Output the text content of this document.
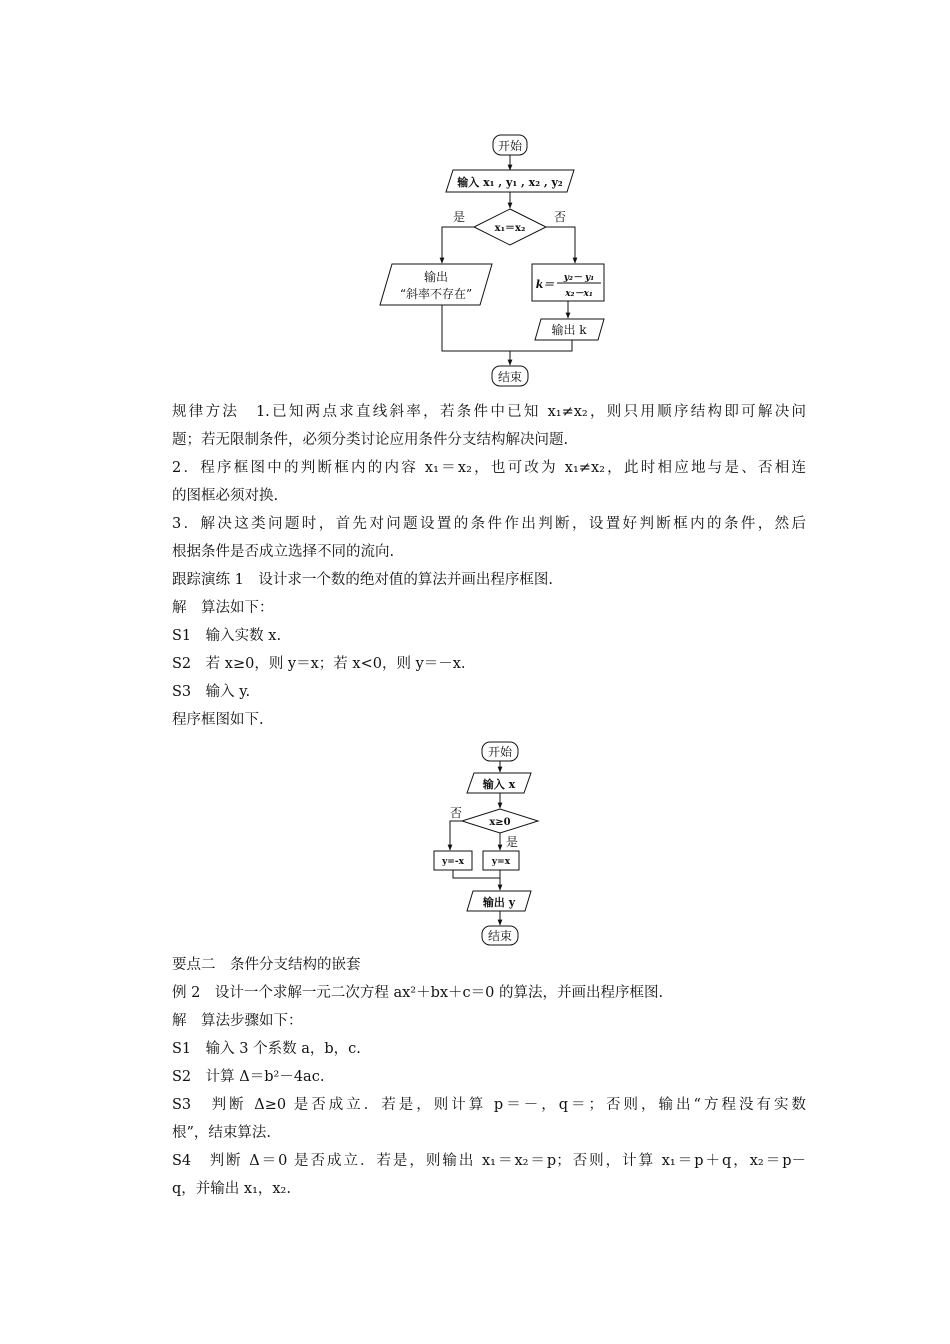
开始
输入 x₁ , y₁ , x₂ , y₂
x₁＝x₂
是	否
输出
“斜率不存在”
k＝ y₂－ y₁
x₂－x₁
输出 k
结束
规律方法　1.已知两点求直线斜率，若条件中已知 x₁≠x₂，则只用顺序结构即可解决问
题；若无限制条件，必须分类讨论应用条件分支结构解决问题.
2．程序框图中的判断框内的内容 x₁＝x₂，也可改为 x₁≠x₂，此时相应地与是、否相连
的图框必须对换.
3．解决这类问题时，首先对问题设置的条件作出判断，设置好判断框内的条件，然后
根据条件是否成立选择不同的流向.
跟踪演练 1　设计求一个数的绝对值的算法并画出程序框图.
解　算法如下：
S1　输入实数 x.
S2　若 x≥0，则 y＝x；若 x<0，则 y＝－x.
S3　输入 y.
程序框图如下.
开始
输入 x
x≥0
否
是
y=-x	y=x
输出 y
结束
要点二　条件分支结构的嵌套
例 2　设计一个求解一元二次方程 ax²＋bx＋c＝0 的算法，并画出程序框图.
解　算法步骤如下：
S1　输入 3 个系数 a，b，c.
S2　计算 Δ＝b²－4ac.
S3　判断 Δ≥0 是否成立．若是，则计算 p＝－，q＝；否则，输出“方程没有实数
根”，结束算法.
S4　判断 Δ＝0 是否成立．若是，则输出 x₁＝x₂＝p；否则，计算 x₁＝p＋q，x₂＝p－
q，并输出 x₁，x₂.
